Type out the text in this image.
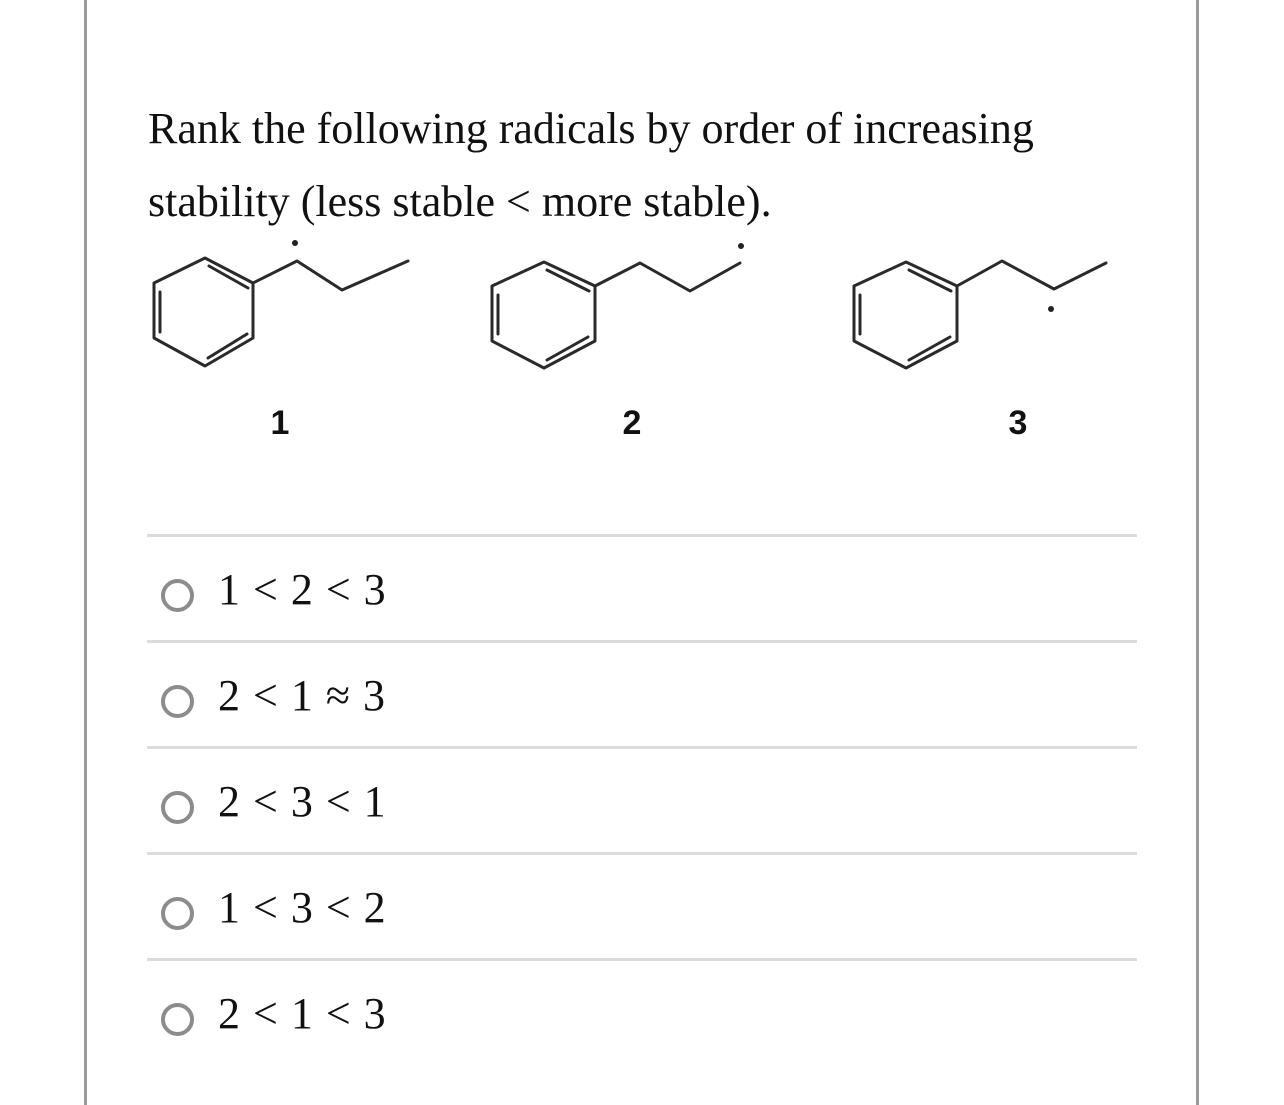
Rank the following radicals by order of increasing
stability (less stable < more stable).
1	2	3
1 < 2 < 3
2 < 1 ≈ 3
2 < 3 < 1
1 < 3 < 2
2 < 1 < 3
